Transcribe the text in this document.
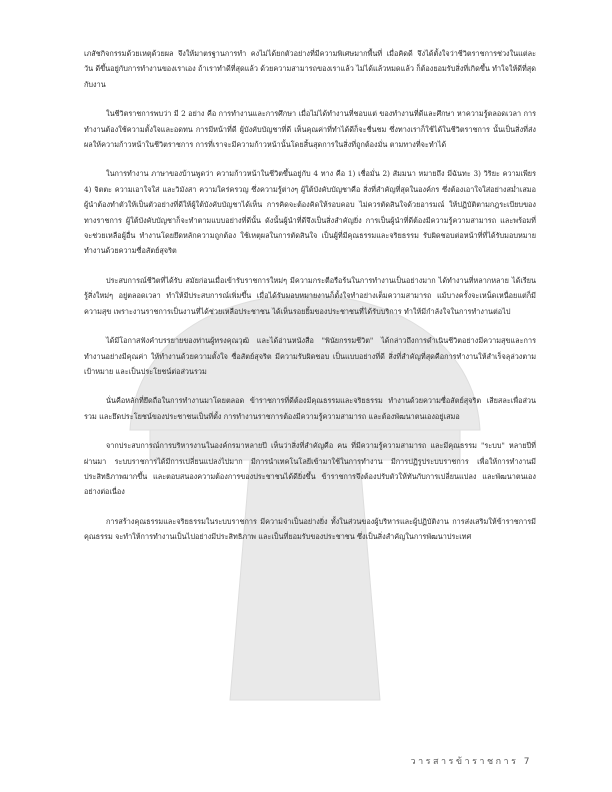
เภสัชกิจกรรมด้วยเหตุด้วยผล จึงให้มาตรฐานการทำ คงไม่ได้ยกตัวอย่างที่มีความพิเศษมากพื้นที่ เมื่อคิดดี จึงได้ตั้งใจว่าชีวิตราชการช่วงในแต่ละวัน ดีขึ้นอยู่กับการทำงานของเราเอง ถ้าเราทำดีที่สุดแล้ว ด้วยความสามารถของเราแล้ว ไม่ได้แล้วหมดแล้ว ก็ต้องยอมรับสิ่งที่เกิดขึ้น ทำใจให้ดีที่สุดกับงาน

ในชีวิตราชการพบว่า มี 2 อย่าง คือ การทำงานและการศึกษา เมื่อไม่ได้ทำงานที่ชอบแต่ ของทำงานที่ดีและศึกษา หาความรู้ตลอดเวลา การทำงานต้องใช้ความตั้งใจและอดทน การมีหน้าที่ดี ผู้บังคับบัญชาที่ดี เห็นคุณค่าที่ทำได้ดีก็จะชื่นชม ซึ่งทางเราก็ใช้ได้ในชีวิตราชการ นั้นเป็นสิ่งที่ส่งผลให้ความก้าวหน้าในชีวิตราชการ การที่เราจะมีความก้าวหน้านั้นโดยสิ้นสุดการในสิ่งที่ถูกต้องมั่น ตามทางที่จะทำได้

ในการทำงาน ภาษาของบ้านพูดว่า ความก้าวหน้าในชีวิตขึ้นอยู่กับ 4 ทาง คือ 1) เชื่อมั่น 2) สัมมนา หมายถึง มีฉันทะ 3) วิริยะ ความเพียร 4) จิตตะ ความเอาใจใส่ และวิมังสา ความใคร่ครวญ ซึ่งความรู้ต่างๆ ผู้ใต้บังคับบัญชาคือ สิ่งที่สำคัญที่สุดในองค์กร ซึ่งต้องเอาใจใส่อย่างสม่ำเสมอ ผู้นำต้องทำตัวให้เป็นตัวอย่างที่ดีให้ผู้ใต้บังคับบัญชาได้เห็น การคิดจะต้องคิดให้รอบคอบ ไม่ควรตัดสินใจด้วยอารมณ์ ให้ปฏิบัติตามกฎระเบียบของทางราชการ ผู้ใต้บังคับบัญชาก็จะทำตามแบบอย่างที่ดีนั้น ดังนั้นผู้นำที่ดีจึงเป็นสิ่งสำคัญยิ่ง การเป็นผู้นำที่ดีต้องมีความรู้ความสามารถ และพร้อมที่จะช่วยเหลือผู้อื่น ทำงานโดยยึดหลักความถูกต้อง ใช้เหตุผลในการตัดสินใจ เป็นผู้ที่มีคุณธรรมและจริยธรรม รับผิดชอบต่อหน้าที่ที่ได้รับมอบหมาย ทำงานด้วยความซื่อสัตย์สุจริต

ประสบการณ์ชีวิตที่ได้รับ สมัยก่อนเมื่อเข้ารับราชการใหม่ๆ มีความกระตือรือร้นในการทำงานเป็นอย่างมาก ได้ทำงานที่หลากหลาย ได้เรียนรู้สิ่งใหม่ๆ อยู่ตลอดเวลา ทำให้มีประสบการณ์เพิ่มขึ้น เมื่อได้รับมอบหมายงานก็ตั้งใจทำอย่างเต็มความสามารถ แม้บางครั้งจะเหน็ดเหนื่อยแต่ก็มีความสุข เพราะงานราชการเป็นงานที่ได้ช่วยเหลือประชาชน ได้เห็นรอยยิ้มของประชาชนที่ได้รับบริการ ทำให้มีกำลังใจในการทำงานต่อไป

ได้มีโอกาสฟังคำบรรยายของท่านผู้ทรงคุณวุฒิ และได้อ่านหนังสือ "พินัยกรรมชีวิต" ได้กล่าวถึงการดำเนินชีวิตอย่างมีความสุขและการทำงานอย่างมีคุณค่า ให้ทำงานด้วยความตั้งใจ ซื่อสัตย์สุจริต มีความรับผิดชอบ เป็นแบบอย่างที่ดี สิ่งที่สำคัญที่สุดคือการทำงานให้สำเร็จลุล่วงตามเป้าหมาย และเป็นประโยชน์ต่อส่วนรวม

นั่นคือหลักที่ยึดถือในการทำงานมาโดยตลอด ข้าราชการที่ดีต้องมีคุณธรรมและจริยธรรม ทำงานด้วยความซื่อสัตย์สุจริต เสียสละเพื่อส่วนรวม และยึดประโยชน์ของประชาชนเป็นที่ตั้ง การทำงานราชการต้องมีความรู้ความสามารถ และต้องพัฒนาตนเองอยู่เสมอ

จากประสบการณ์การบริหารงานในองค์กรมาหลายปี เห็นว่าสิ่งที่สำคัญคือ คน ที่มีความรู้ความสามารถ และมีคุณธรรม "ระบบ" หลายปีที่ผ่านมา ระบบราชการได้มีการเปลี่ยนแปลงไปมาก มีการนำเทคโนโลยีเข้ามาใช้ในการทำงาน มีการปฏิรูประบบราชการ เพื่อให้การทำงานมีประสิทธิภาพมากขึ้น และตอบสนองความต้องการของประชาชนได้ดียิ่งขึ้น ข้าราชการจึงต้องปรับตัวให้ทันกับการเปลี่ยนแปลง และพัฒนาตนเองอย่างต่อเนื่อง

การสร้างคุณธรรมและจริยธรรมในระบบราชการ มีความจำเป็นอย่างยิ่ง ทั้งในส่วนของผู้บริหารและผู้ปฏิบัติงาน การส่งเสริมให้ข้าราชการมีคุณธรรม จะทำให้การทำงานเป็นไปอย่างมีประสิทธิภาพ และเป็นที่ยอมรับของประชาชน ซึ่งเป็นสิ่งสำคัญในการพัฒนาประเทศ

วารสารข้าราชการ 7
